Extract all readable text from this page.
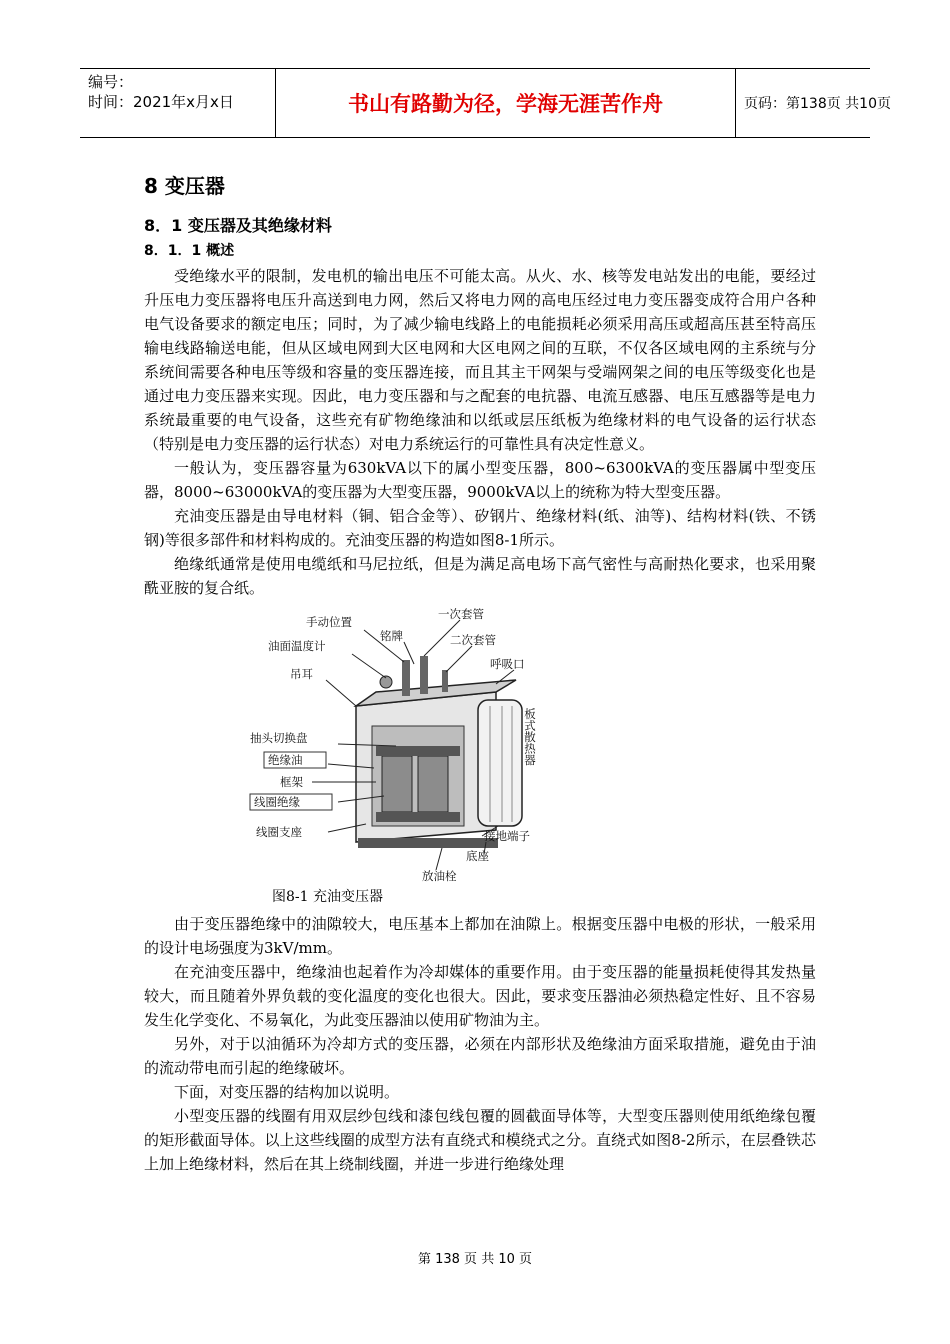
编号：
时间：2021年x月x日	书山有路勤为径，学海无涯苦作舟	页码：第138页 共10页
8 变压器
8．1 变压器及其绝缘材料
8．1．1 概述

受绝缘水平的限制，发电机的输出电压不可能太高。从火、水、核等发电站发出的电能，要经过升压电力变压器将电压升高送到电力网，然后又将电力网的高电压经过电力变压器变成符合用户各种电气设备要求的额定电压；同时，为了减少输电线路上的电能损耗必须采用高压或超高压甚至特高压输电线路输送电能，但从区域电网到大区电网和大区电网之间的互联，不仅各区域电网的主系统与分系统间需要各种电压等级和容量的变压器连接，而且其主干网架与受端网架之间的电压等级变化也是通过电力变压器来实现。因此，电力变压器和与之配套的电抗器、电流互感器、电压互感器等是电力系统最重要的电气设备，这些充有矿物绝缘油和以纸或层压纸板为绝缘材料的电气设备的运行状态（特别是电力变压器的运行状态）对电力系统运行的可靠性具有决定性意义。

一般认为，变压器容量为630kVA以下的属小型变压器，800~6300kVA的变压器属中型变压器，8000~63000kVA的变压器为大型变压器，9000kVA以上的统称为特大型变压器。

充油变压器是由导电材料（铜、铝合金等）、矽钢片、绝缘材料(纸、油等)、结构材料(铁、不锈钢)等很多部件和材料构成的。充油变压器的构造如图8-1所示。

绝缘纸通常是使用电缆纸和马尼拉纸，但是为满足高电场下高气密性与高耐热化要求，也采用聚酰亚胺的复合纸。

手动位置
一次套管
铭牌	二次套管
油面温度计
呼吸口
吊耳
抽头切换盘
绝缘油
框架
线圈绝缘
线圈支座
板式散热器
接地端子
底座
放油栓
图8-1 充油变压器

由于变压器绝缘中的油隙较大，电压基本上都加在油隙上。根据变压器中电极的形状，一般采用的设计电场强度为3kV/mm。

在充油变压器中，绝缘油也起着作为冷却媒体的重要作用。由于变压器的能量损耗使得其发热量较大，而且随着外界负载的变化温度的变化也很大。因此，要求变压器油必须热稳定性好、且不容易发生化学变化、不易氧化，为此变压器油以使用矿物油为主。

另外，对于以油循环为冷却方式的变压器，必须在内部形状及绝缘油方面采取措施，避免由于油的流动带电而引起的绝缘破坏。

下面，对变压器的结构加以说明。

小型变压器的线圈有用双层纱包线和漆包线包覆的圆截面导体等，大型变压器则使用纸绝缘包覆的矩形截面导体。以上这些线圈的成型方法有直绕式和模绕式之分。直绕式如图8-2所示，在层叠铁芯上加上绝缘材料，然后在其上绕制线圈，并进一步进行绝缘处理

第 138 页 共 10 页
